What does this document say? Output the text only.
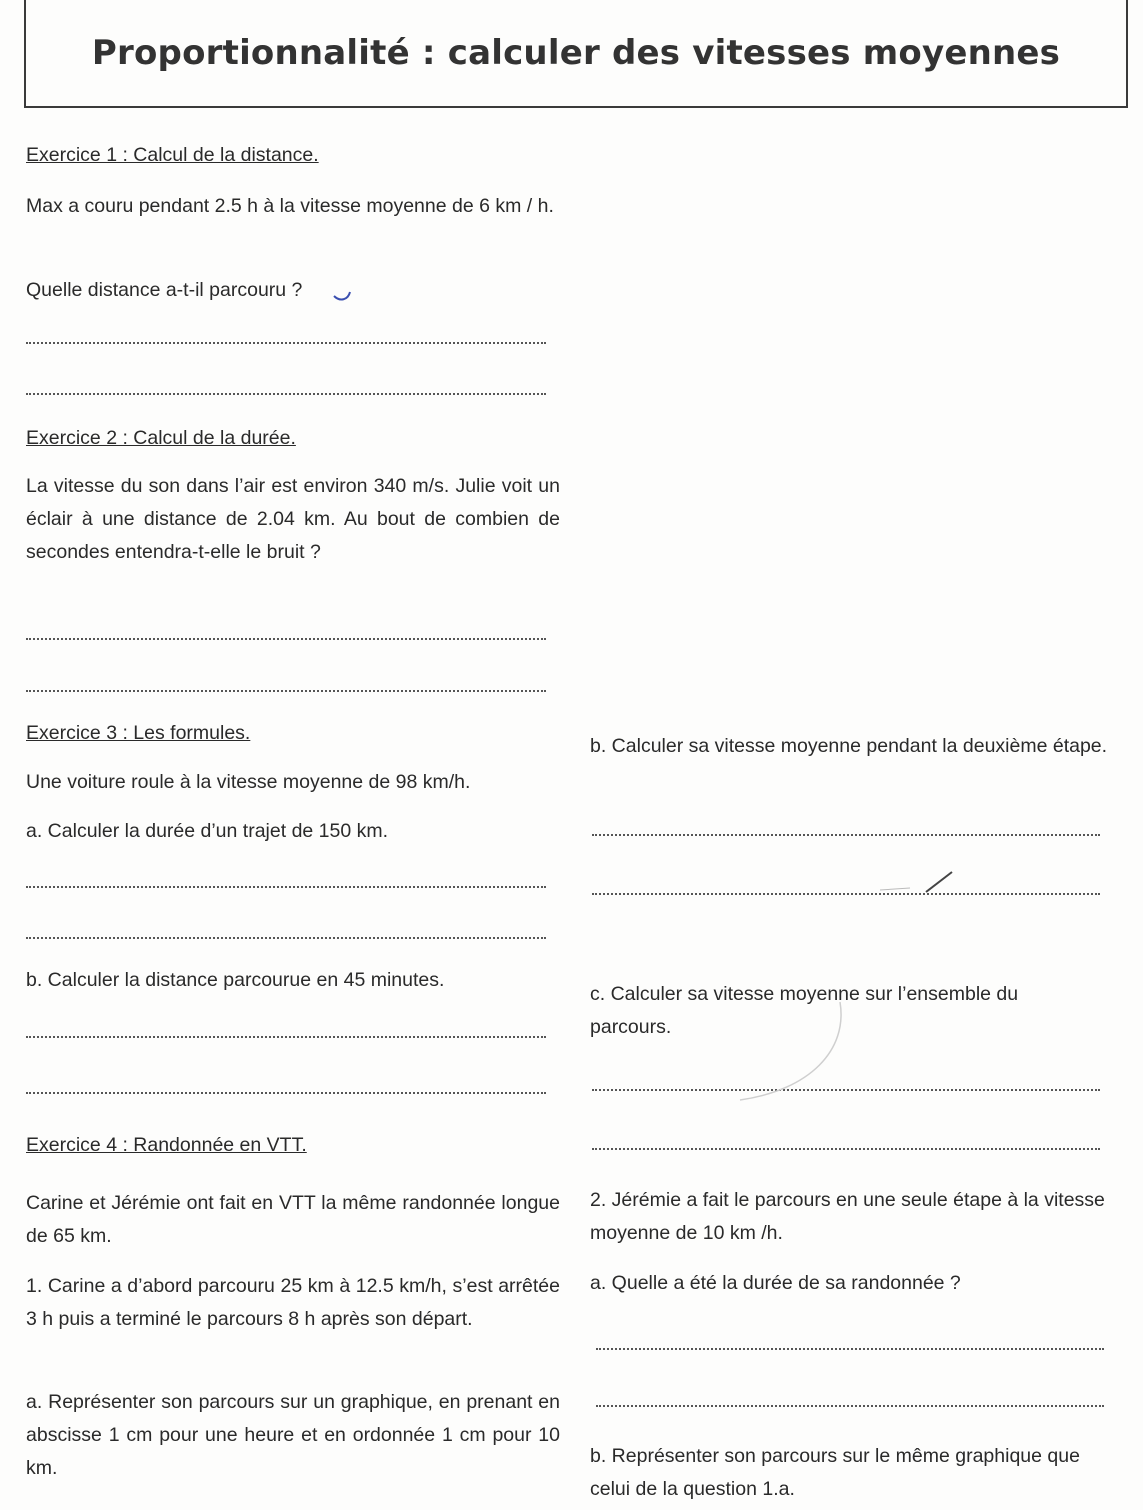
Proportionnalité : calculer des vitesses moyennes

Exercice 1 : Calcul de la distance.

Max a couru pendant 2.5 h à la vitesse moyenne de 6 km / h.

Quelle distance a-t-il parcouru ?

Exercice 2 : Calcul de la durée.

La vitesse du son dans l’air est environ 340 m/s. Julie voit un éclair à une distance de 2.04 km. Au bout de combien de secondes entendra-t-elle le bruit ?

Exercice 3 : Les formules.

Une voiture roule à la vitesse moyenne de 98 km/h.

a. Calculer la durée d’un trajet de 150 km.

b. Calculer la distance parcourue en 45 minutes.

Exercice 4 : Randonnée en VTT.

Carine et Jérémie ont fait en VTT la même randonnée longue de 65 km.

1. Carine a d’abord parcouru 25 km à 12.5 km/h, s’est arrêtée 3 h puis a terminé le parcours 8 h après son départ.

a. Représenter son parcours sur un graphique, en prenant en abscisse 1 cm pour une heure et en ordonnée 1 cm pour 10 km.

b. Calculer sa vitesse moyenne pendant la deuxième étape.

c. Calculer sa vitesse moyenne sur l’ensemble du parcours.

2. Jérémie a fait le parcours en une seule étape à la vitesse moyenne de 10 km /h.

a. Quelle a été la durée de sa randonnée ?

b. Représenter son parcours sur le même graphique que celui de la question 1.a.
